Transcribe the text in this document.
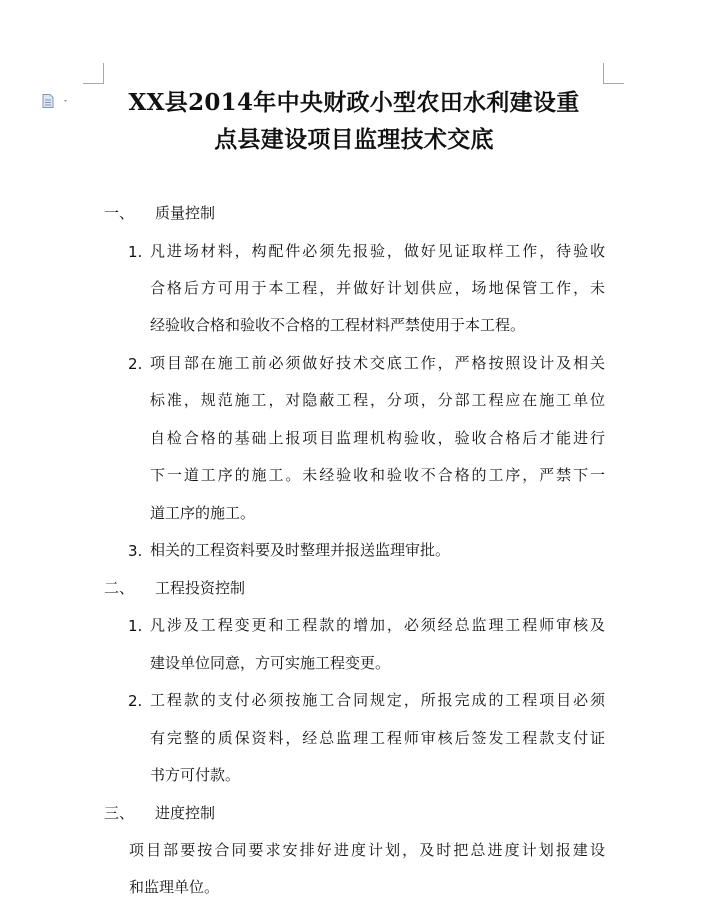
XX县2014年中央财政小型农田水利建设重
点县建设项目监理技术交底
一、 质量控制
1. 凡进场材料，构配件必须先报验，做好见证取样工作，待验收
合格后方可用于本工程，并做好计划供应，场地保管工作，未
经验收合格和验收不合格的工程材料严禁使用于本工程。
2. 项目部在施工前必须做好技术交底工作，严格按照设计及相关
标准，规范施工，对隐蔽工程，分项，分部工程应在施工单位
自检合格的基础上报项目监理机构验收，验收合格后才能进行
下一道工序的施工。未经验收和验收不合格的工序，严禁下一
道工序的施工。
3. 相关的工程资料要及时整理并报送监理审批。
二、 工程投资控制
1. 凡涉及工程变更和工程款的增加，必须经总监理工程师审核及
建设单位同意，方可实施工程变更。
2. 工程款的支付必须按施工合同规定，所报完成的工程项目必须
有完整的质保资料，经总监理工程师审核后签发工程款支付证
书方可付款。
三、 进度控制
项目部要按合同要求安排好进度计划，及时把总进度计划报建设
和监理单位。
